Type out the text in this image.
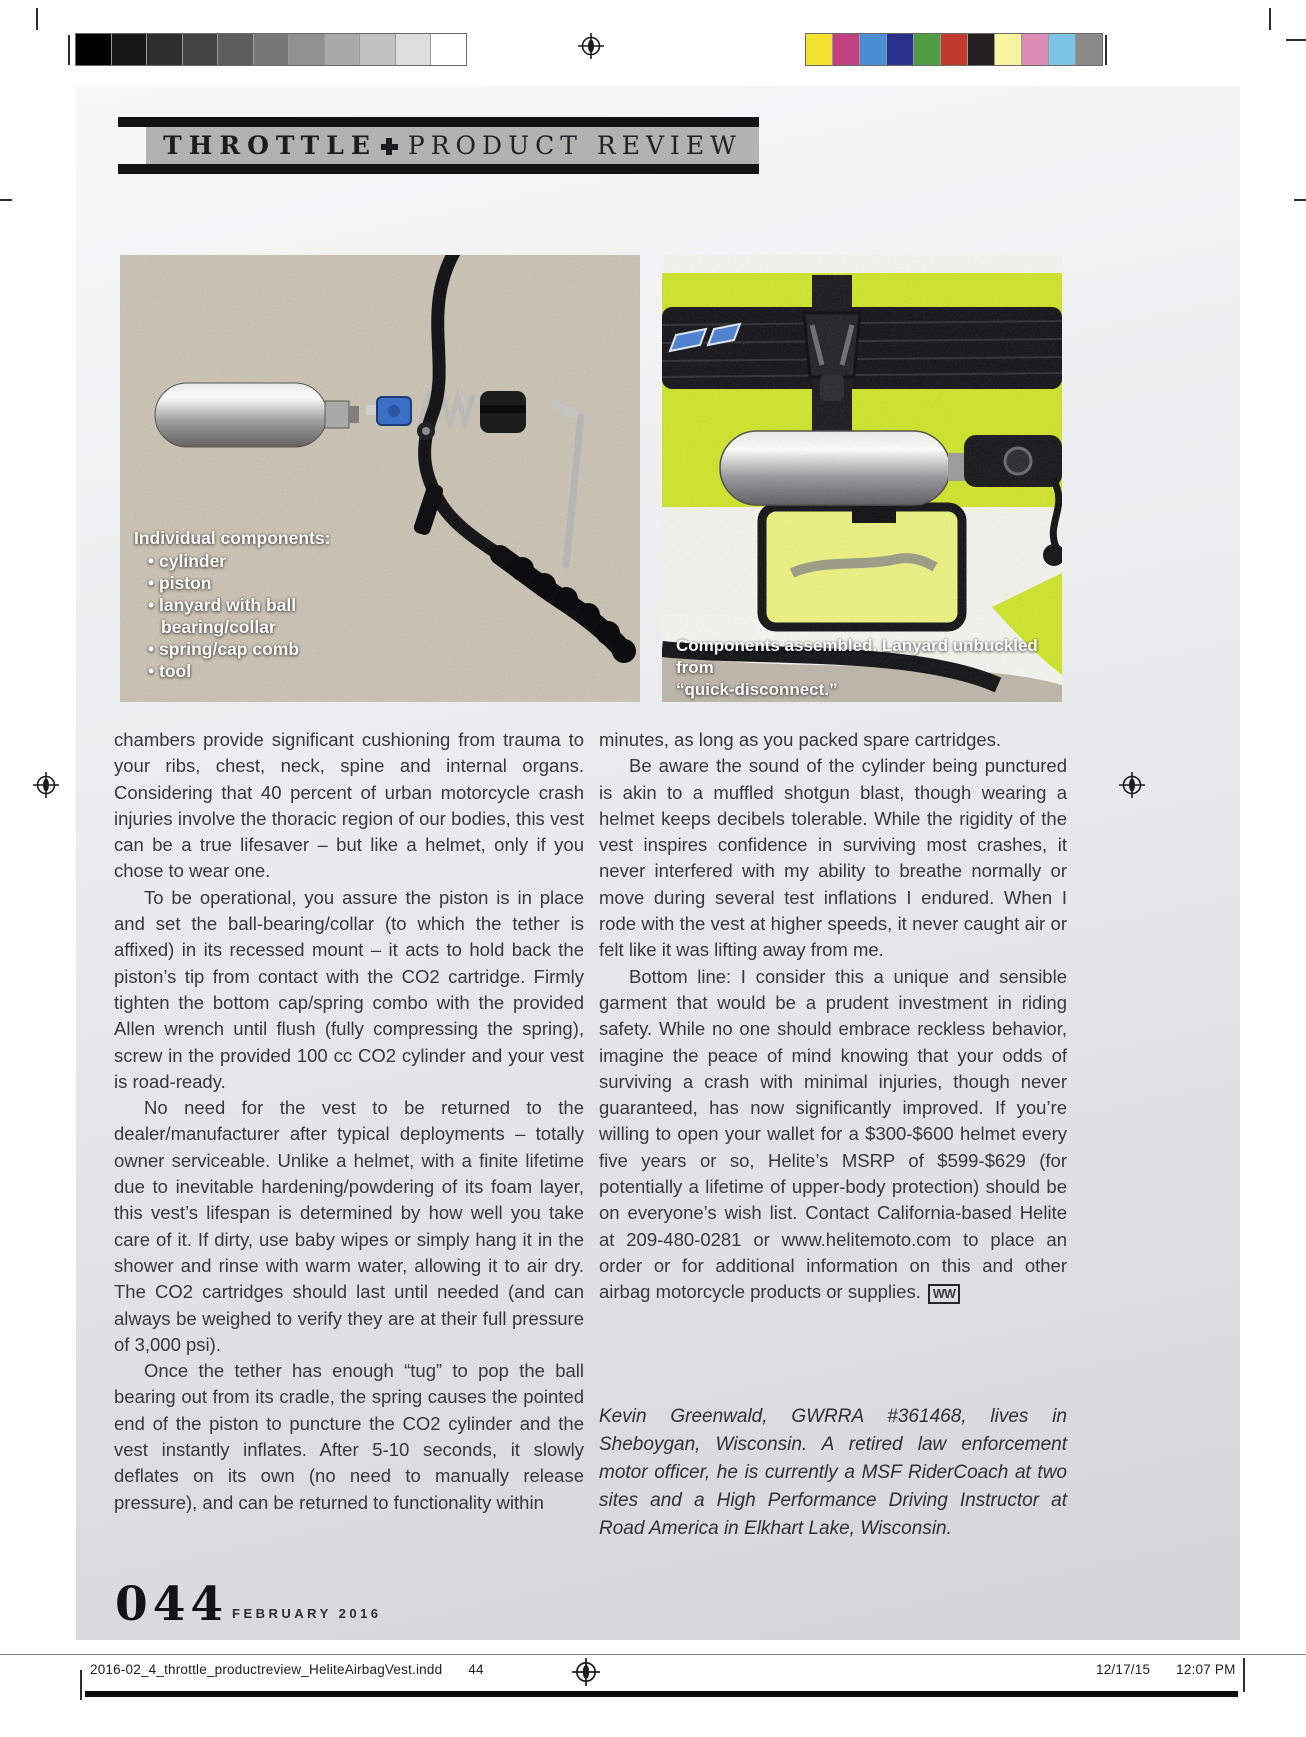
THROTTLE PRODUCT REVIEW
Individual components:
• cylinder
• piston
• lanyard with ball bearing/collar
• spring/cap comb
• tool
Components assembled. Lanyard unbuckled from
“quick-disconnect.”

chambers provide significant cushioning from trauma to your ribs, chest, neck, spine and internal organs. Considering that 40 percent of urban motorcycle crash injuries involve the thoracic region of our bodies, this vest can be a true lifesaver – but like a helmet, only if you chose to wear one.

To be operational, you assure the piston is in place and set the ball-bearing/collar (to which the tether is affixed) in its recessed mount – it acts to hold back the piston’s tip from contact with the CO2 cartridge. Firmly tighten the bottom cap/spring combo with the provided Allen wrench until flush (fully compressing the spring), screw in the provided 100 cc CO2 cylinder and your vest is road-ready.

No need for the vest to be returned to the dealer/manufacturer after typical deployments – totally owner serviceable. Unlike a helmet, with a finite lifetime due to inevitable hardening/powdering of its foam layer, this vest’s lifespan is determined by how well you take care of it. If dirty, use baby wipes or simply hang it in the shower and rinse with warm water, allowing it to air dry. The CO2 cartridges should last until needed (and can always be weighed to verify they are at their full pressure of 3,000 psi).

Once the tether has enough “tug” to pop the ball bearing out from its cradle, the spring causes the pointed end of the piston to puncture the CO2 cylinder and the vest instantly inflates. After 5-10 seconds, it slowly deflates on its own (no need to manually release pressure), and can be returned to functionality within

minutes, as long as you packed spare cartridges.

Be aware the sound of the cylinder being punctured is akin to a muffled shotgun blast, though wearing a helmet keeps decibels tolerable. While the rigidity of the vest inspires confidence in surviving most crashes, it never interfered with my ability to breathe normally or move during several test inflations I endured. When I rode with the vest at higher speeds, it never caught air or felt like it was lifting away from me.

Bottom line: I consider this a unique and sensible garment that would be a prudent investment in riding safety. While no one should embrace reckless behavior, imagine the peace of mind knowing that your odds of surviving a crash with minimal injuries, though never guaranteed, has now significantly improved. If you’re willing to open your wallet for a $300-$600 helmet every five years or so, Helite’s MSRP of $599-$629 (for potentially a lifetime of upper-body protection) should be on everyone’s wish list. Contact California-based Helite at 209-480-0281 or www.helitemoto.com to place an order or for additional information on this and other airbag motorcycle products or supplies. WW

Kevin Greenwald, GWRRA #361468, lives in Sheboygan, Wisconsin. A retired law enforcement motor officer, he is currently a MSF RiderCoach at two sites and a High Performance Driving Instructor at Road America in Elkhart Lake, Wisconsin.
044 FEBRUARY 2016
2016-02_4_throttle_productreview_HeliteAirbagVest.indd 44	12/17/15 12:07 PM
